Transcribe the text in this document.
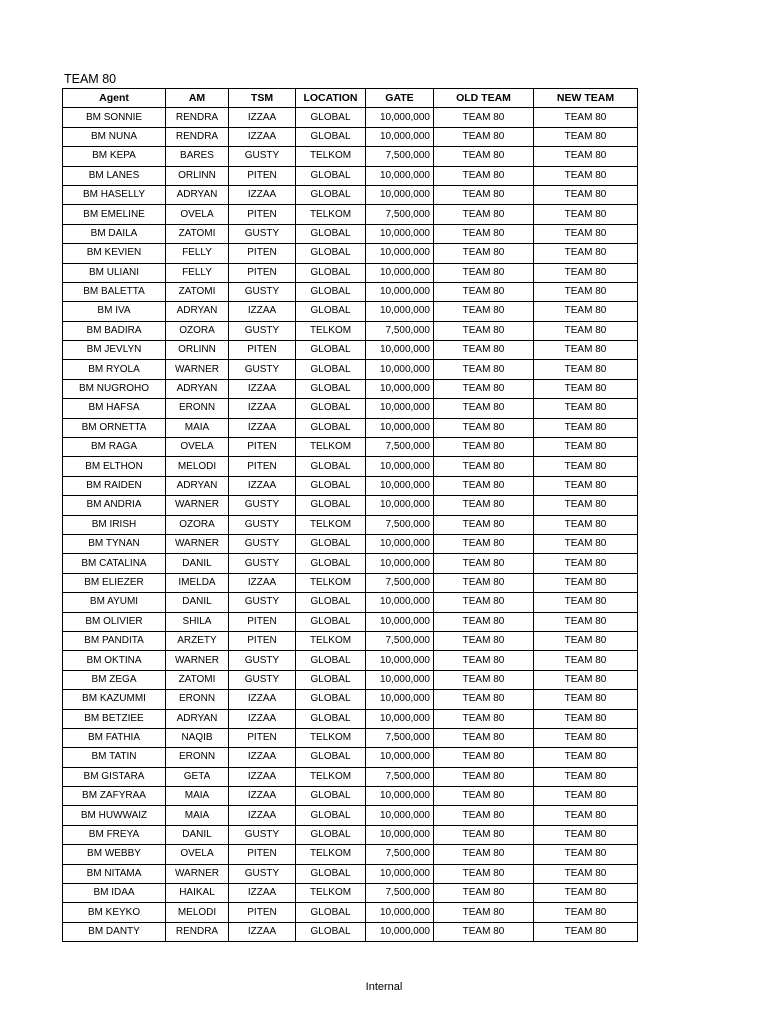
TEAM 80
Agent	AM	TSM	LOCATION	GATE	OLD TEAM	NEW TEAM
BM SONNIE	RENDRA	IZZAA	GLOBAL	10,000,000	TEAM 80	TEAM 80
BM NUNA	RENDRA	IZZAA	GLOBAL	10,000,000	TEAM 80	TEAM 80
BM KEPA	BARES	GUSTY	TELKOM	7,500,000	TEAM 80	TEAM 80
BM LANES	ORLINN	PITEN	GLOBAL	10,000,000	TEAM 80	TEAM 80
BM HASELLY	ADRYAN	IZZAA	GLOBAL	10,000,000	TEAM 80	TEAM 80
BM EMELINE	OVELA	PITEN	TELKOM	7,500,000	TEAM 80	TEAM 80
BM DAILA	ZATOMI	GUSTY	GLOBAL	10,000,000	TEAM 80	TEAM 80
BM KEVIEN	FELLY	PITEN	GLOBAL	10,000,000	TEAM 80	TEAM 80
BM ULIANI	FELLY	PITEN	GLOBAL	10,000,000	TEAM 80	TEAM 80
BM BALETTA	ZATOMI	GUSTY	GLOBAL	10,000,000	TEAM 80	TEAM 80
BM IVA	ADRYAN	IZZAA	GLOBAL	10,000,000	TEAM 80	TEAM 80
BM BADIRA	OZORA	GUSTY	TELKOM	7,500,000	TEAM 80	TEAM 80
BM JEVLYN	ORLINN	PITEN	GLOBAL	10,000,000	TEAM 80	TEAM 80
BM RYOLA	WARNER	GUSTY	GLOBAL	10,000,000	TEAM 80	TEAM 80
BM NUGROHO	ADRYAN	IZZAA	GLOBAL	10,000,000	TEAM 80	TEAM 80
BM HAFSA	ERONN	IZZAA	GLOBAL	10,000,000	TEAM 80	TEAM 80
BM ORNETTA	MAIA	IZZAA	GLOBAL	10,000,000	TEAM 80	TEAM 80
BM RAGA	OVELA	PITEN	TELKOM	7,500,000	TEAM 80	TEAM 80
BM ELTHON	MELODI	PITEN	GLOBAL	10,000,000	TEAM 80	TEAM 80
BM RAIDEN	ADRYAN	IZZAA	GLOBAL	10,000,000	TEAM 80	TEAM 80
BM ANDRIA	WARNER	GUSTY	GLOBAL	10,000,000	TEAM 80	TEAM 80
BM IRISH	OZORA	GUSTY	TELKOM	7,500,000	TEAM 80	TEAM 80
BM TYNAN	WARNER	GUSTY	GLOBAL	10,000,000	TEAM 80	TEAM 80
BM CATALINA	DANIL	GUSTY	GLOBAL	10,000,000	TEAM 80	TEAM 80
BM ELIEZER	IMELDA	IZZAA	TELKOM	7,500,000	TEAM 80	TEAM 80
BM AYUMI	DANIL	GUSTY	GLOBAL	10,000,000	TEAM 80	TEAM 80
BM OLIVIER	SHILA	PITEN	GLOBAL	10,000,000	TEAM 80	TEAM 80
BM PANDITA	ARZETY	PITEN	TELKOM	7,500,000	TEAM 80	TEAM 80
BM OKTINA	WARNER	GUSTY	GLOBAL	10,000,000	TEAM 80	TEAM 80
BM ZEGA	ZATOMI	GUSTY	GLOBAL	10,000,000	TEAM 80	TEAM 80
BM KAZUMMI	ERONN	IZZAA	GLOBAL	10,000,000	TEAM 80	TEAM 80
BM BETZIEE	ADRYAN	IZZAA	GLOBAL	10,000,000	TEAM 80	TEAM 80
BM FATHIA	NAQIB	PITEN	TELKOM	7,500,000	TEAM 80	TEAM 80
BM TATIN	ERONN	IZZAA	GLOBAL	10,000,000	TEAM 80	TEAM 80
BM GISTARA	GETA	IZZAA	TELKOM	7,500,000	TEAM 80	TEAM 80
BM ZAFYRAA	MAIA	IZZAA	GLOBAL	10,000,000	TEAM 80	TEAM 80
BM HUWWAIZ	MAIA	IZZAA	GLOBAL	10,000,000	TEAM 80	TEAM 80
BM FREYA	DANIL	GUSTY	GLOBAL	10,000,000	TEAM 80	TEAM 80
BM WEBBY	OVELA	PITEN	TELKOM	7,500,000	TEAM 80	TEAM 80
BM NITAMA	WARNER	GUSTY	GLOBAL	10,000,000	TEAM 80	TEAM 80
BM IDAA	HAIKAL	IZZAA	TELKOM	7,500,000	TEAM 80	TEAM 80
BM KEYKO	MELODI	PITEN	GLOBAL	10,000,000	TEAM 80	TEAM 80
BM DANTY	RENDRA	IZZAA	GLOBAL	10,000,000	TEAM 80	TEAM 80
Internal
